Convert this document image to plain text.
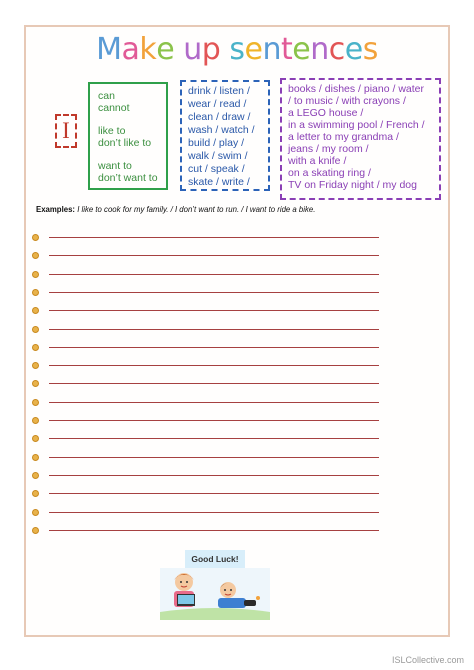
Make up sentences
I
can
cannot
like to
don’t like to
want to
don’t want to
drink / listen /
wear / read /
clean / draw /
wash / watch /
build / play /
walk / swim /
cut / speak /
skate / write /
books / dishes / piano / water
/ to music / with crayons /
a LEGO house /
in a swimming pool / French /
a letter to my grandma /
jeans / my room /
with a knife /
on a skating ring /
TV on Friday night / my dog
Examples: I like to cook for my family. / I don’t want to run. / I want to ride a bike.
Good Luck!
ISLCollective.com
